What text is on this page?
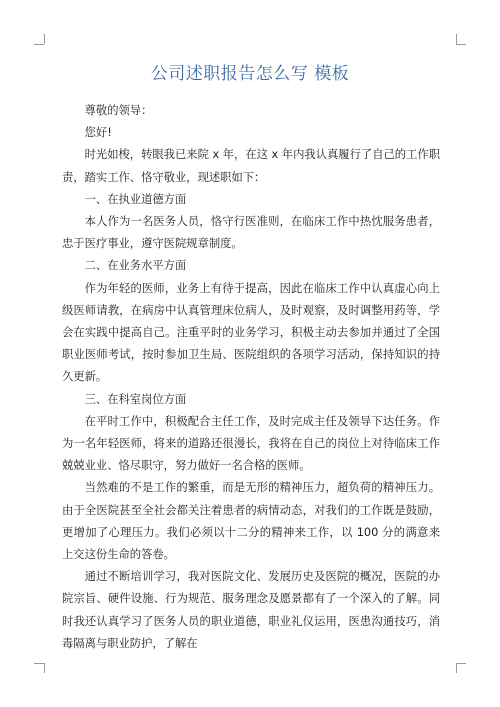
公司述职报告怎么写 模板

尊敬的领导：

您好!

时光如梭，转眼我已来院 x 年，在这 x 年内我认真履行了自己的工作职责，踏实工作、恪守敬业，现述职如下：

一、在执业道德方面

本人作为一名医务人员，恪守行医准则，在临床工作中热忱服务患者，忠于医疗事业，遵守医院规章制度。

二、在业务水平方面

作为年轻的医师，业务上有待于提高，因此在临床工作中认真虚心向上级医师请教，在病房中认真管理床位病人，及时观察，及时调整用药等，学会在实践中提高自己。注重平时的业务学习，积极主动去参加并通过了全国职业医师考试，按时参加卫生局、医院组织的各项学习活动，保持知识的持久更新。

三、在科室岗位方面

在平时工作中，积极配合主任工作，及时完成主任及领导下达任务。作为一名年轻医师，将来的道路还很漫长，我将在自己的岗位上对待临床工作兢兢业业、恪尽职守，努力做好一名合格的医师。

当然难的不是工作的繁重，而是无形的精神压力，超负荷的精神压力。由于全医院甚至全社会都关注着患者的病情动态，对我们的工作既是鼓励，更增加了心理压力。我们必须以十二分的精神来工作，以 100 分的满意来上交这份生命的答卷。

通过不断培训学习，我对医院文化、发展历史及医院的概况，医院的办院宗旨、硬件设施、行为规范、服务理念及愿景都有了一个深入的了解。同时我还认真学习了医务人员的职业道德，职业礼仪运用，医患沟通技巧，消毒隔离与职业防护，了解在
